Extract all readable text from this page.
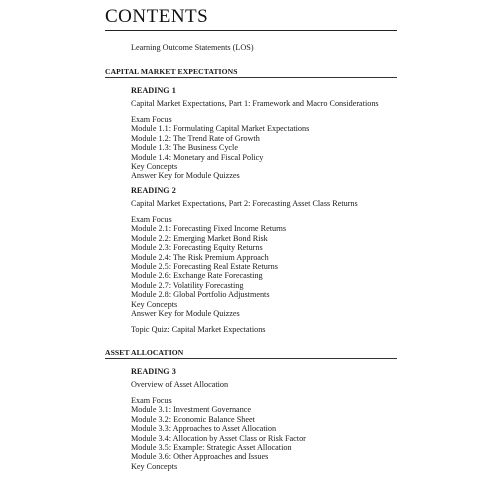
CONTENTS
Learning Outcome Statements (LOS)
CAPITAL MARKET EXPECTATIONS
READING 1
Capital Market Expectations, Part 1: Framework and Macro Considerations
Exam Focus
Module 1.1: Formulating Capital Market Expectations
Module 1.2: The Trend Rate of Growth
Module 1.3: The Business Cycle
Module 1.4: Monetary and Fiscal Policy
Key Concepts
Answer Key for Module Quizzes
READING 2
Capital Market Expectations, Part 2: Forecasting Asset Class Returns
Exam Focus
Module 2.1: Forecasting Fixed Income Returns
Module 2.2: Emerging Market Bond Risk
Module 2.3: Forecasting Equity Returns
Module 2.4: The Risk Premium Approach
Module 2.5: Forecasting Real Estate Returns
Module 2.6: Exchange Rate Forecasting
Module 2.7: Volatility Forecasting
Module 2.8: Global Portfolio Adjustments
Key Concepts
Answer Key for Module Quizzes
Topic Quiz: Capital Market Expectations
ASSET ALLOCATION
READING 3
Overview of Asset Allocation
Exam Focus
Module 3.1: Investment Governance
Module 3.2: Economic Balance Sheet
Module 3.3: Approaches to Asset Allocation
Module 3.4: Allocation by Asset Class or Risk Factor
Module 3.5: Example: Strategic Asset Allocation
Module 3.6: Other Approaches and Issues
Key Concepts
